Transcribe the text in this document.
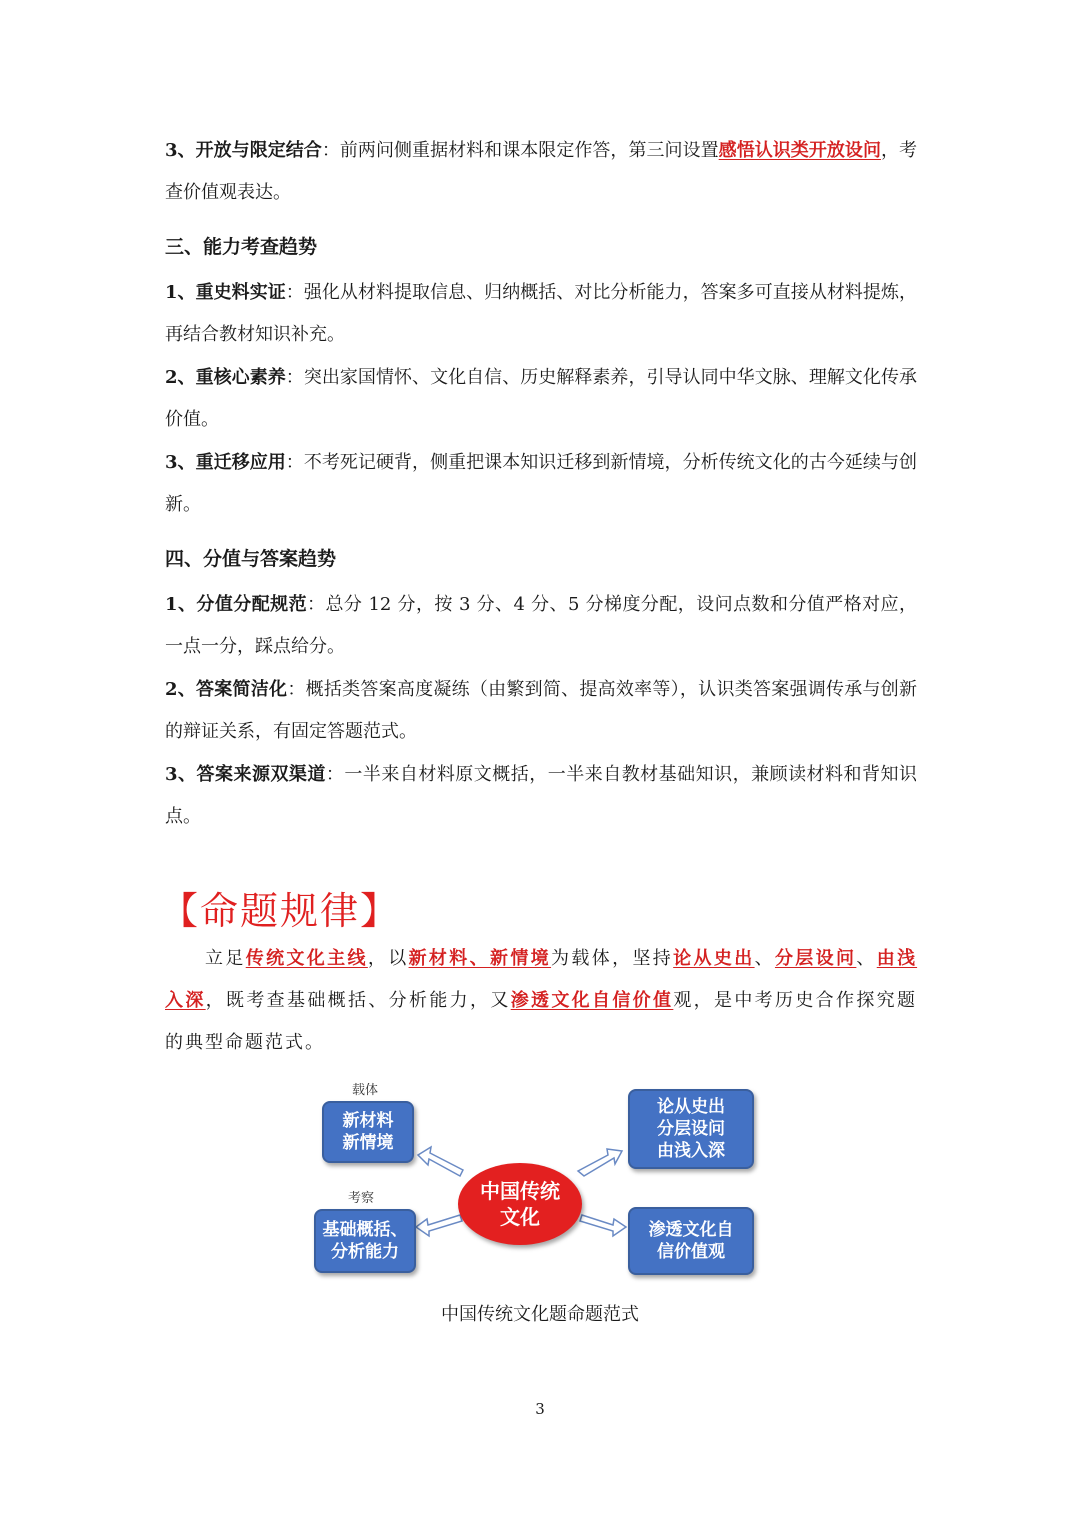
3、开放与限定结合：前两问侧重据材料和课本限定作答，第三问设置感悟认识类开放设问，考查价值观表达。

三、能力考查趋势

1、重史料实证：强化从材料提取信息、归纳概括、对比分析能力，答案多可直接从材料提炼，再结合教材知识补充。

2、重核心素养：突出家国情怀、文化自信、历史解释素养，引导认同中华文脉、理解文化传承价值。

3、重迁移应用：不考死记硬背，侧重把课本知识迁移到新情境，分析传统文化的古今延续与创新。

四、分值与答案趋势

1、分值分配规范：总分 12 分，按 3 分、4 分、5 分梯度分配，设问点数和分值严格对应，一点一分，踩点给分。

2、答案简洁化：概括类答案高度凝练（由繁到简、提高效率等），认识类答案强调传承与创新的辩证关系，有固定答题范式。

3、答案来源双渠道：一半来自材料原文概括，一半来自教材基础知识，兼顾读材料和背知识点。

【命题规律】

立足传统文化主线，以新材料、新情境为载体，坚持论从史出、分层设问、由浅入深，既考查基础概括、分析能力，又渗透文化自信价值观，是中考历史合作探究题的典型命题范式。

载体
考察
新材料新情境
基础概括、分析能力
中国传统文化
论从史出分层设问由浅入深
渗透文化自信价值观
中国传统文化题命题范式
3
